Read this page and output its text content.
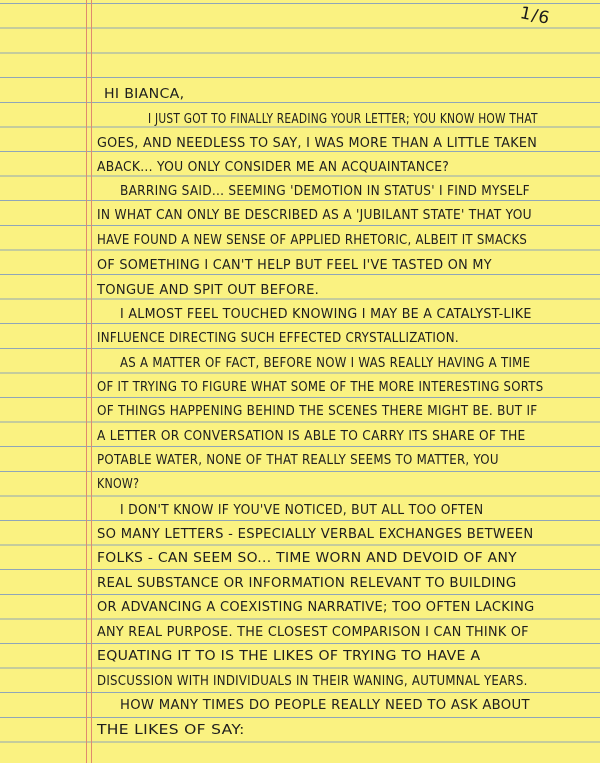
1/6
HI BIANCA,
I JUST GOT TO FINALLY READING YOUR LETTER; YOU KNOW HOW THAT
GOES, AND NEEDLESS TO SAY, I WAS MORE THAN A LITTLE TAKEN
ABACK... YOU ONLY CONSIDER ME AN ACQUAINTANCE?
BARRING SAID... SEEMING 'DEMOTION IN STATUS' I FIND MYSELF
IN WHAT CAN ONLY BE DESCRIBED AS A 'JUBILANT STATE' THAT YOU
HAVE FOUND A NEW SENSE OF APPLIED RHETORIC, ALBEIT IT SMACKS
OF SOMETHING I CAN'T HELP BUT FEEL I'VE TASTED ON MY
TONGUE AND SPIT OUT BEFORE.
I ALMOST FEEL TOUCHED KNOWING I MAY BE A CATALYST-LIKE
INFLUENCE DIRECTING SUCH EFFECTED CRYSTALLIZATION.
AS A MATTER OF FACT, BEFORE NOW I WAS REALLY HAVING A TIME
OF IT TRYING TO FIGURE WHAT SOME OF THE MORE INTERESTING SORTS
OF THINGS HAPPENING BEHIND THE SCENES THERE MIGHT BE. BUT IF
A LETTER OR CONVERSATION IS ABLE TO CARRY ITS SHARE OF THE
POTABLE WATER, NONE OF THAT REALLY SEEMS TO MATTER, YOU
KNOW?
I DON'T KNOW IF YOU'VE NOTICED, BUT ALL TOO OFTEN
SO MANY LETTERS - ESPECIALLY VERBAL EXCHANGES BETWEEN
FOLKS - CAN SEEM SO... TIME WORN AND DEVOID OF ANY
REAL SUBSTANCE OR INFORMATION RELEVANT TO BUILDING
OR ADVANCING A COEXISTING NARRATIVE; TOO OFTEN LACKING
ANY REAL PURPOSE. THE CLOSEST COMPARISON I CAN THINK OF
EQUATING IT TO IS THE LIKES OF TRYING TO HAVE A
DISCUSSION WITH INDIVIDUALS IN THEIR WANING, AUTUMNAL YEARS.
HOW MANY TIMES DO PEOPLE REALLY NEED TO ASK ABOUT
THE LIKES OF SAY:
